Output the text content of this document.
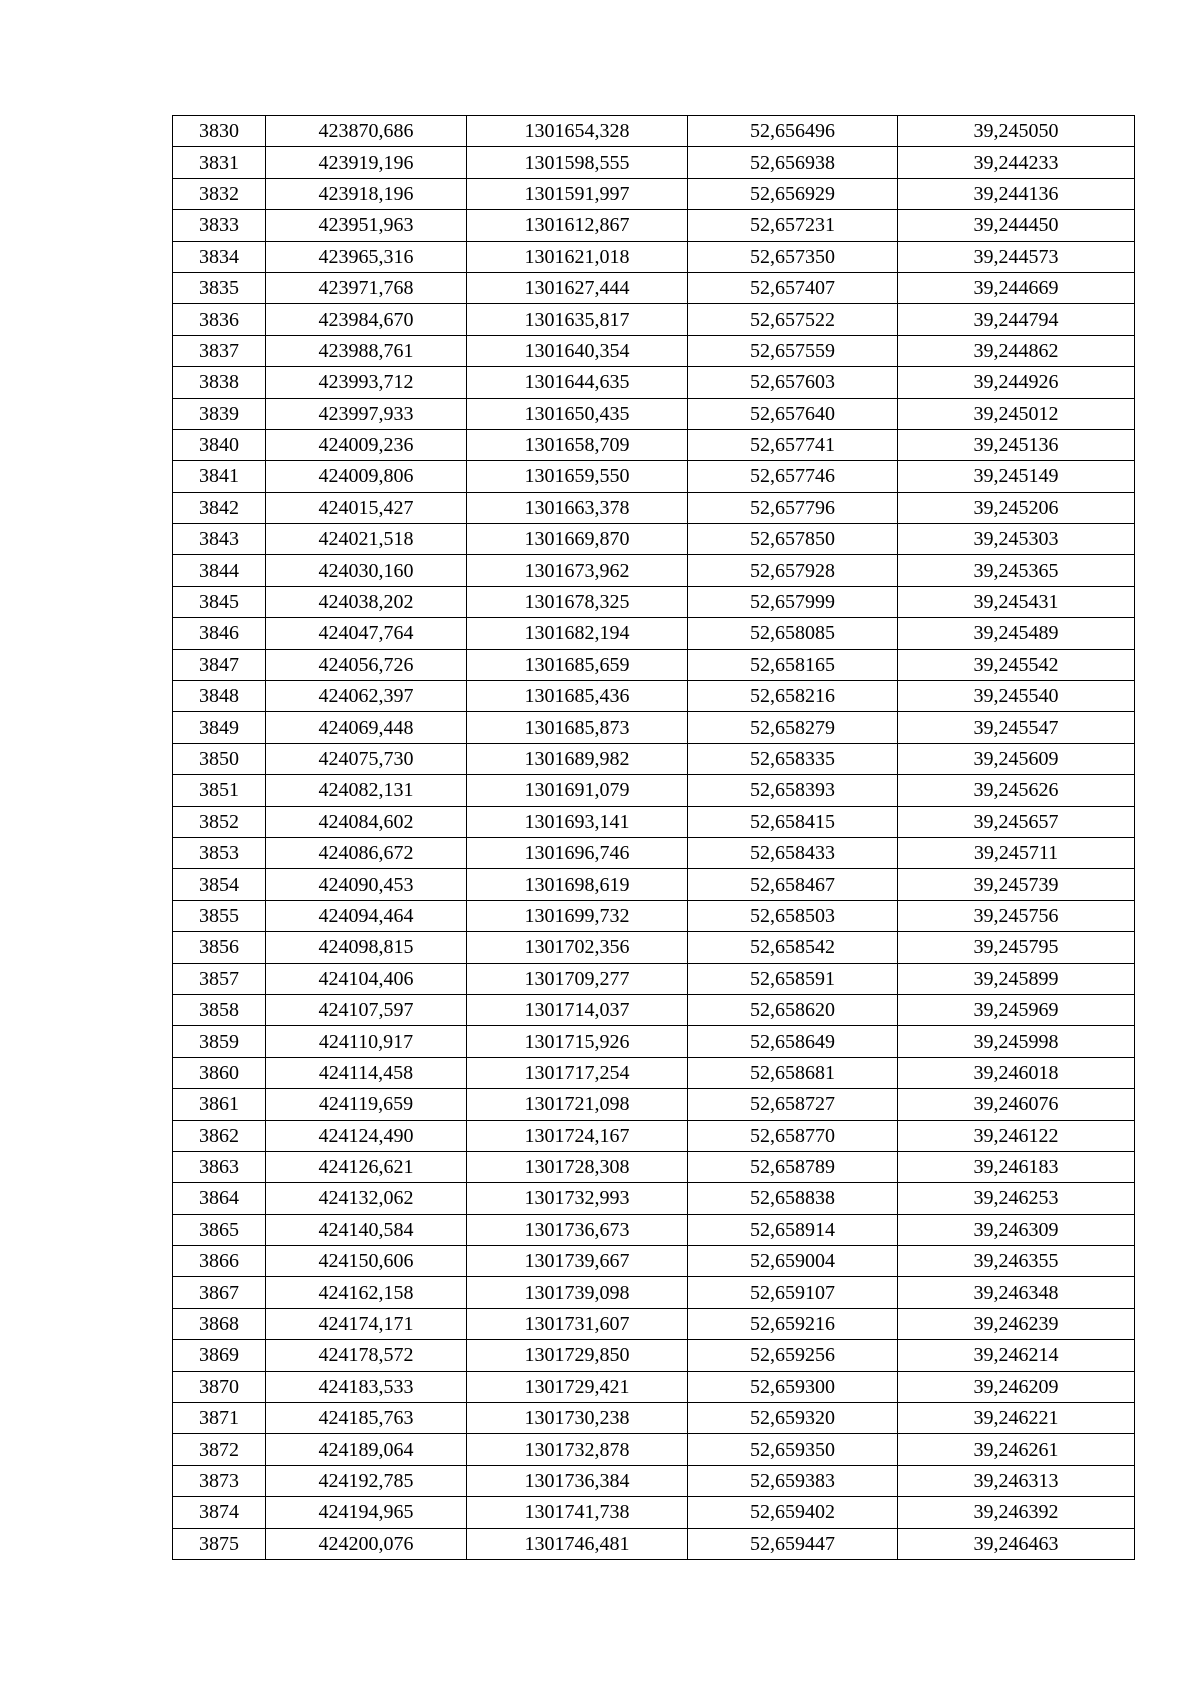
3830	423870,686	1301654,328	52,656496	39,245050
3831	423919,196	1301598,555	52,656938	39,244233
3832	423918,196	1301591,997	52,656929	39,244136
3833	423951,963	1301612,867	52,657231	39,244450
3834	423965,316	1301621,018	52,657350	39,244573
3835	423971,768	1301627,444	52,657407	39,244669
3836	423984,670	1301635,817	52,657522	39,244794
3837	423988,761	1301640,354	52,657559	39,244862
3838	423993,712	1301644,635	52,657603	39,244926
3839	423997,933	1301650,435	52,657640	39,245012
3840	424009,236	1301658,709	52,657741	39,245136
3841	424009,806	1301659,550	52,657746	39,245149
3842	424015,427	1301663,378	52,657796	39,245206
3843	424021,518	1301669,870	52,657850	39,245303
3844	424030,160	1301673,962	52,657928	39,245365
3845	424038,202	1301678,325	52,657999	39,245431
3846	424047,764	1301682,194	52,658085	39,245489
3847	424056,726	1301685,659	52,658165	39,245542
3848	424062,397	1301685,436	52,658216	39,245540
3849	424069,448	1301685,873	52,658279	39,245547
3850	424075,730	1301689,982	52,658335	39,245609
3851	424082,131	1301691,079	52,658393	39,245626
3852	424084,602	1301693,141	52,658415	39,245657
3853	424086,672	1301696,746	52,658433	39,245711
3854	424090,453	1301698,619	52,658467	39,245739
3855	424094,464	1301699,732	52,658503	39,245756
3856	424098,815	1301702,356	52,658542	39,245795
3857	424104,406	1301709,277	52,658591	39,245899
3858	424107,597	1301714,037	52,658620	39,245969
3859	424110,917	1301715,926	52,658649	39,245998
3860	424114,458	1301717,254	52,658681	39,246018
3861	424119,659	1301721,098	52,658727	39,246076
3862	424124,490	1301724,167	52,658770	39,246122
3863	424126,621	1301728,308	52,658789	39,246183
3864	424132,062	1301732,993	52,658838	39,246253
3865	424140,584	1301736,673	52,658914	39,246309
3866	424150,606	1301739,667	52,659004	39,246355
3867	424162,158	1301739,098	52,659107	39,246348
3868	424174,171	1301731,607	52,659216	39,246239
3869	424178,572	1301729,850	52,659256	39,246214
3870	424183,533	1301729,421	52,659300	39,246209
3871	424185,763	1301730,238	52,659320	39,246221
3872	424189,064	1301732,878	52,659350	39,246261
3873	424192,785	1301736,384	52,659383	39,246313
3874	424194,965	1301741,738	52,659402	39,246392
3875	424200,076	1301746,481	52,659447	39,246463
